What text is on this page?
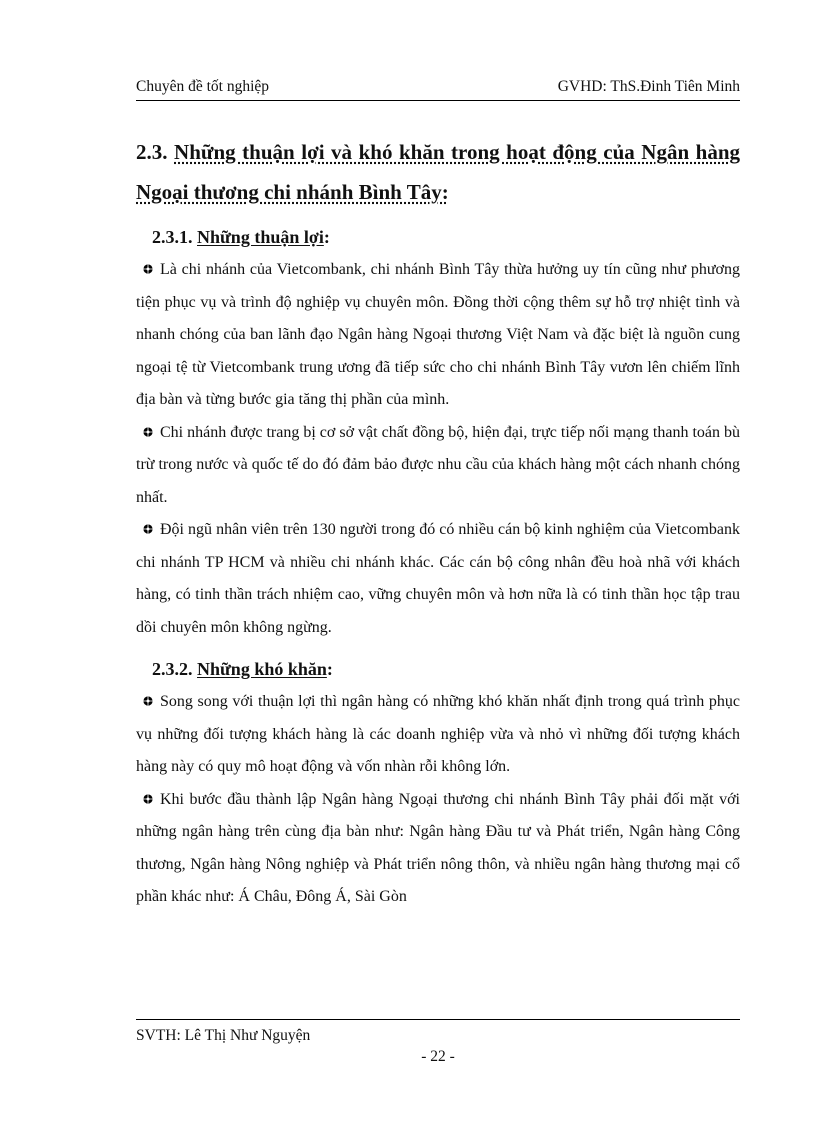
Chuyên đề tốt nghiệp	GVHD: ThS.Đinh Tiên Minh

2.3. Những thuận lợi và khó khăn trong hoạt động của Ngân hàng Ngoại thương chi nhánh Bình Tây:

2.3.1. Những thuận lợi:

Là chi nhánh của Vietcombank, chi nhánh Bình Tây thừa hưởng uy tín cũng như phương tiện phục vụ và trình độ nghiệp vụ chuyên môn. Đồng thời cộng thêm sự hỗ trợ nhiệt tình và nhanh chóng của ban lãnh đạo Ngân hàng Ngoại thương Việt Nam và đặc biệt là nguồn cung ngoại tệ từ Vietcombank trung ương đã tiếp sức cho chi nhánh Bình Tây vươn lên chiếm lĩnh địa bàn và từng bước gia tăng thị phần của mình.

Chi nhánh được trang bị cơ sở vật chất đồng bộ, hiện đại, trực tiếp nối mạng thanh toán bù trừ trong nước và quốc tế do đó đảm bảo được nhu cầu của khách hàng một cách nhanh chóng nhất.

Đội ngũ nhân viên trên 130 người trong đó có nhiều cán bộ kinh nghiệm của Vietcombank chi nhánh TP HCM và nhiều chi nhánh khác. Các cán bộ công nhân đều hoà nhã với khách hàng, có tinh thần trách nhiệm cao, vững chuyên môn và hơn nữa là có tinh thần học tập trau dồi chuyên môn không ngừng.

2.3.2. Những khó khăn:

Song song với thuận lợi thì ngân hàng có những khó khăn nhất định trong quá trình phục vụ những đối tượng khách hàng là các doanh nghiệp vừa và nhỏ vì những đối tượng khách hàng này có quy mô hoạt động và vốn nhàn rỗi không lớn.

Khi bước đầu thành lập Ngân hàng Ngoại thương chi nhánh Bình Tây phải đối mặt với những ngân hàng trên cùng địa bàn như: Ngân hàng Đầu tư và Phát triển, Ngân hàng Công thương, Ngân hàng Nông nghiệp và Phát triển nông thôn, và nhiều ngân hàng thương mại cổ phần khác như: Á Châu, Đông Á, Sài Gòn

SVTH: Lê Thị Như Nguyện
- 22 -
